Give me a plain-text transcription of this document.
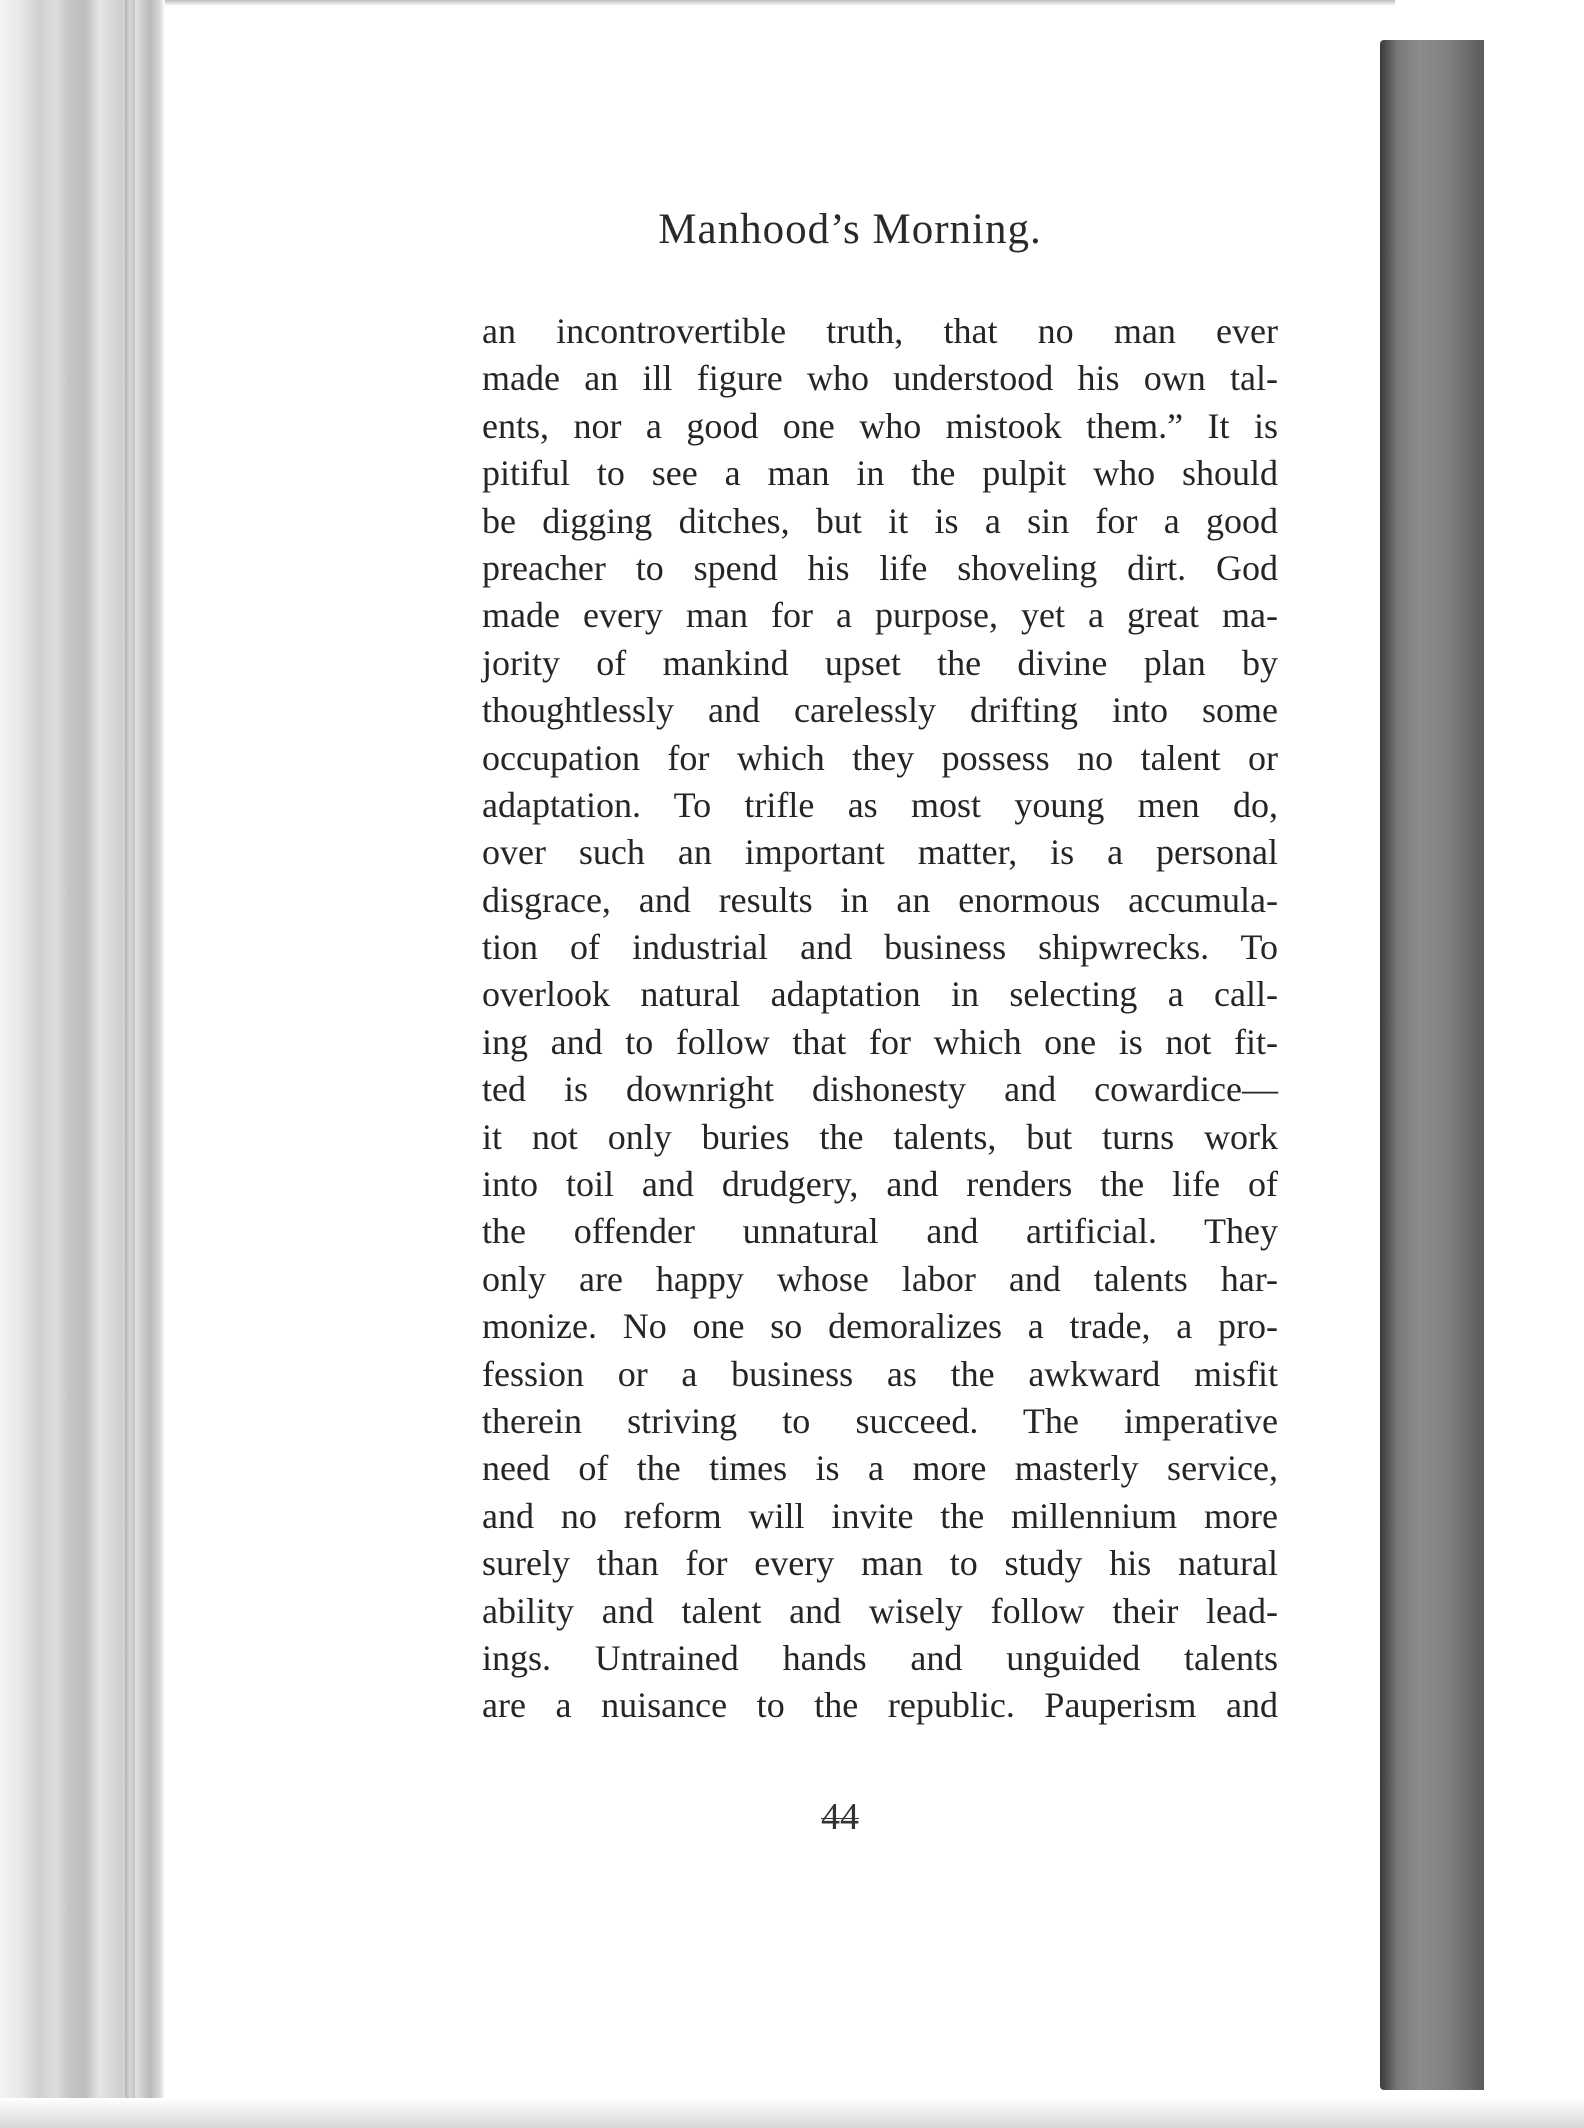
Manhood’s Morning.
an incontrovertible truth, that no man ever
made an ill figure who understood his own tal-
ents, nor a good one who mistook them.” It is
pitiful to see a man in the pulpit who should
be digging ditches, but it is a sin for a good
preacher to spend his life shoveling dirt. God
made every man for a purpose, yet a great ma-
jority of mankind upset the divine plan by
thoughtlessly and carelessly drifting into some
occupation for which they possess no talent or
adaptation. To trifle as most young men do,
over such an important matter, is a personal
disgrace, and results in an enormous accumula-
tion of industrial and business shipwrecks. To
overlook natural adaptation in selecting a call-
ing and to follow that for which one is not fit-
ted is downright dishonesty and cowardice—
it not only buries the talents, but turns work
into toil and drudgery, and renders the life of
the offender unnatural and artificial. They
only are happy whose labor and talents har-
monize. No one so demoralizes a trade, a pro-
fession or a business as the awkward misfit
therein striving to succeed. The imperative
need of the times is a more masterly service,
and no reform will invite the millennium more
surely than for every man to study his natural
ability and talent and wisely follow their lead-
ings. Untrained hands and unguided talents
are a nuisance to the republic. Pauperism and

44
